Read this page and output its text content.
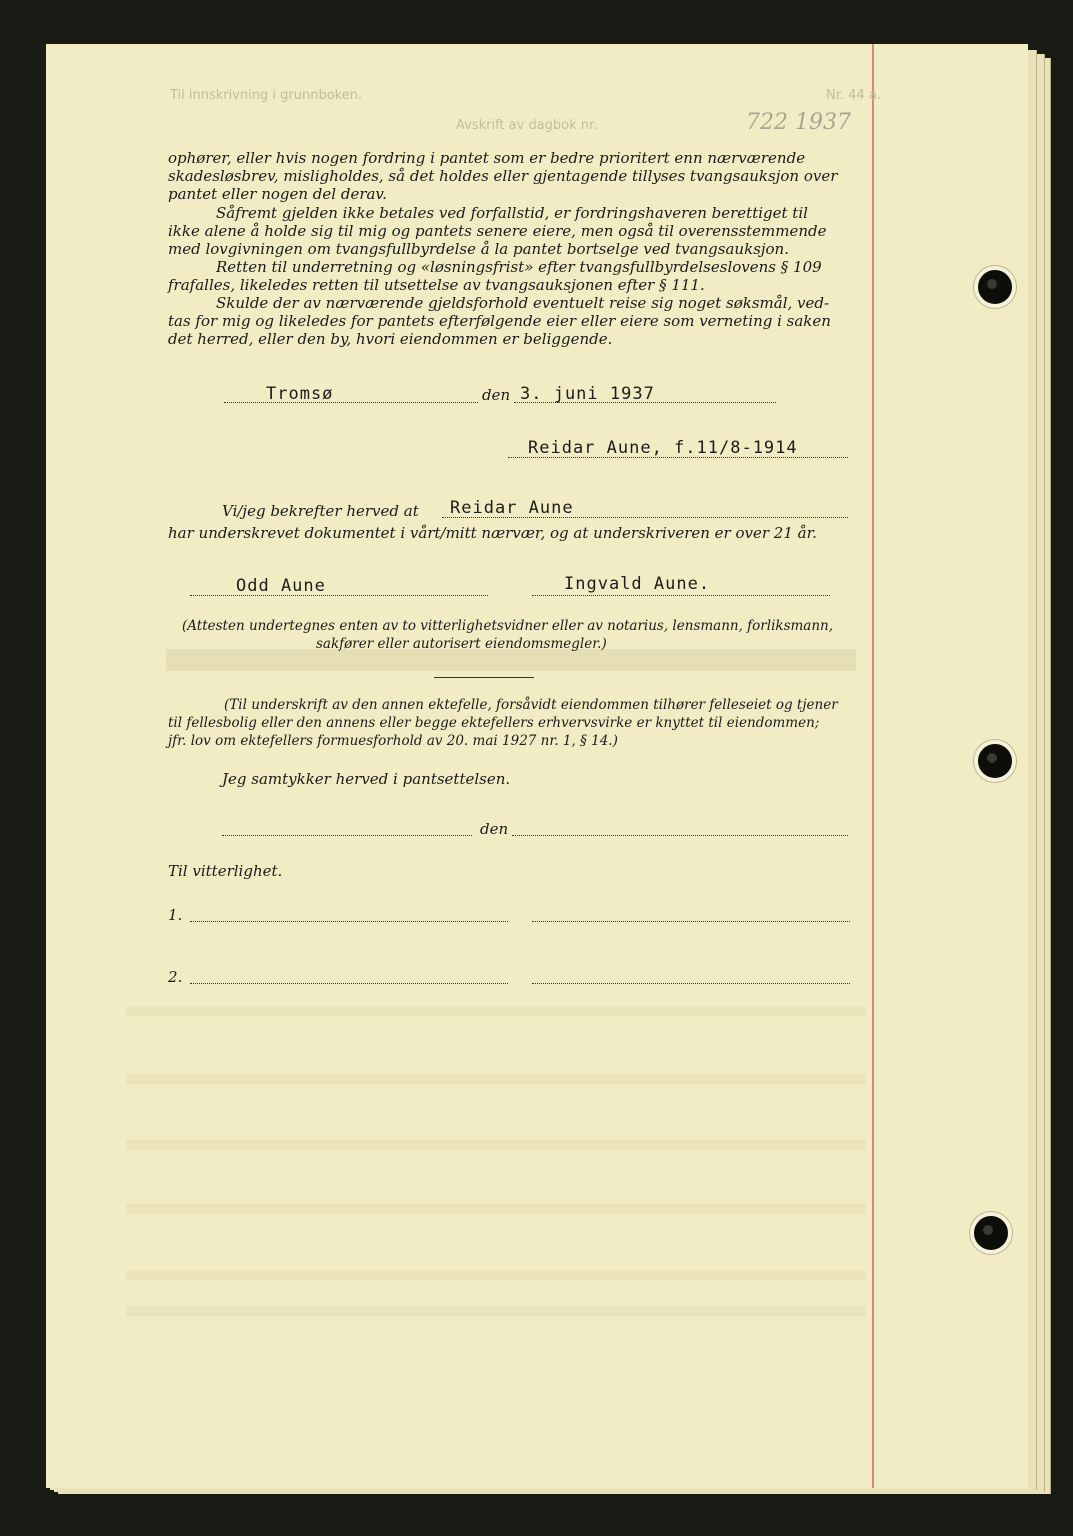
Til innskrivning i grunnboken.	Nr. 44 a.
Avskrift av dagbok nr.	722 1937
ophører, eller hvis nogen fordring i pantet som er bedre prioritert enn nærværende
skadesløsbrev, misligholdes, så det holdes eller gjentagende tillyses tvangsauksjon over
pantet eller nogen del derav.
Såfremt gjelden ikke betales ved forfallstid, er fordringshaveren berettiget til
ikke alene å holde sig til mig og pantets senere eiere, men også til overensstemmende
med lovgivningen om tvangsfullbyrdelse å la pantet bortselge ved tvangsauksjon.
Retten til underretning og «løsningsfrist» efter tvangsfullbyrdelseslovens § 109
frafalles, likeledes retten til utsettelse av tvangsauksjonen efter § 111.
Skulde der av nærværende gjeldsforhold eventuelt reise sig noget søksmål, ved-
tas for mig og likeledes for pantets efterfølgende eier eller eiere som verneting i saken
det herred, eller den by, hvori eiendommen er beliggende.
Tromsø	den 3. juni 1937
Reidar Aune, f.11/8-1914
Vi/jeg bekrefter herved at Reidar Aune
har underskrevet dokumentet i vårt/mitt nærvær, og at underskriveren er over 21 år.
Odd Aune	Ingvald Aune.
(Attesten undertegnes enten av to vitterlighetsvidner eller av notarius, lensmann, forliksmann,
sakfører eller autorisert eiendomsmegler.)
(Til underskrift av den annen ektefelle, forsåvidt eiendommen tilhører felleseiet og tjener
til fellesbolig eller den annens eller begge ektefellers erhvervsvirke er knyttet til eiendommen;
jfr. lov om ektefellers formuesforhold av 20. mai 1927 nr. 1, § 14.)
Jeg samtykker herved i pantsettelsen.
den
Til vitterlighet.
1.
2.
